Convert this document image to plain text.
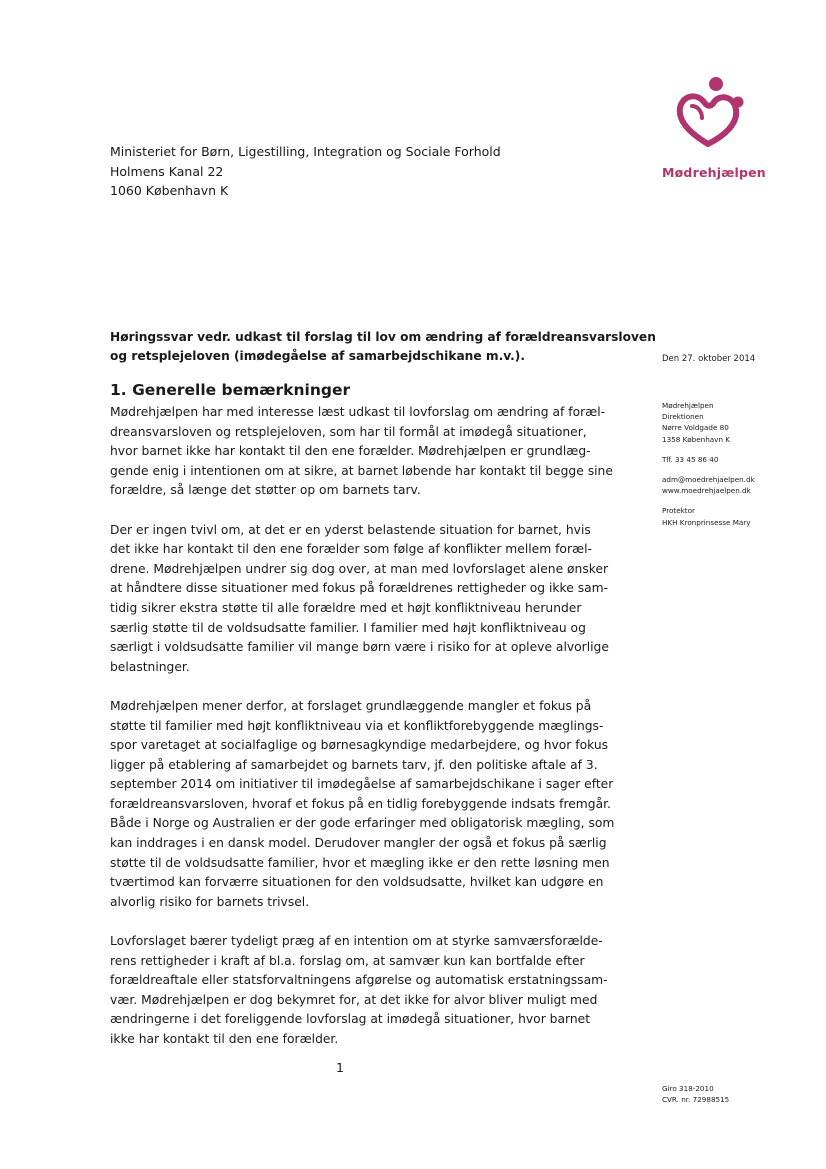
Mødrehjælpen
Ministeriet for Børn, Ligestilling, Integration og Sociale Forhold
Holmens Kanal 22
1060 København K
Høringssvar vedr. udkast til forslag til lov om ændring af forældreansvarsloven
og retsplejeloven (imødegåelse af samarbejdschikane m.v.).	Den 27. oktober 2014
Mødrehjælpen
Direktionen
Nørre Voldgade 80
1358 København K
Tlf. 33 45 86 40
adm@moedrehjaelpen.dk
www.moedrehjaelpen.dk
Protektor
HKH Kronprinsesse Mary
1. Generelle bemærkninger
Mødrehjælpen har med interesse læst udkast til lovforslag om ændring af foræl-
dreansvarsloven og retsplejeloven, som har til formål at imødegå situationer,
hvor barnet ikke har kontakt til den ene forælder. Mødrehjælpen er grundlæg-
gende enig i intentionen om at sikre, at barnet løbende har kontakt til begge sine
forældre, så længe det støtter op om barnets tarv.
Der er ingen tvivl om, at det er en yderst belastende situation for barnet, hvis
det ikke har kontakt til den ene forælder som følge af konflikter mellem foræl-
drene. Mødrehjælpen undrer sig dog over, at man med lovforslaget alene ønsker
at håndtere disse situationer med fokus på forældrenes rettigheder og ikke sam-
tidig sikrer ekstra støtte til alle forældre med et højt konfliktniveau herunder
særlig støtte til de voldsudsatte familier. I familier med højt konfliktniveau og
særligt i voldsudsatte familier vil mange børn være i risiko for at opleve alvorlige
belastninger.
Mødrehjælpen mener derfor, at forslaget grundlæggende mangler et fokus på
støtte til familier med højt konfliktniveau via et konfliktforebyggende mæglings-
spor varetaget at socialfaglige og børnesagkyndige medarbejdere, og hvor fokus
ligger på etablering af samarbejdet og barnets tarv, jf. den politiske aftale af 3.
september 2014 om initiativer til imødegåelse af samarbejdschikane i sager efter
forældreansvarsloven, hvoraf et fokus på en tidlig forebyggende indsats fremgår.
Både i Norge og Australien er der gode erfaringer med obligatorisk mægling, som
kan inddrages i en dansk model. Derudover mangler der også et fokus på særlig
støtte til de voldsudsatte familier, hvor et mægling ikke er den rette løsning men
tværtimod kan forværre situationen for den voldsudsatte, hvilket kan udgøre en
alvorlig risiko for barnets trivsel.
Lovforslaget bærer tydeligt præg af en intention om at styrke samværsforælde-
rens rettigheder i kraft af bl.a. forslag om, at samvær kun kan bortfalde efter
forældreaftale eller statsforvaltningens afgørelse og automatisk erstatningssam-
vær. Mødrehjælpen er dog bekymret for, at det ikke for alvor bliver muligt med
ændringerne i det foreliggende lovforslag at imødegå situationer, hvor barnet
ikke har kontakt til den ene forælder.
1
Giro 318-2010
CVR. nr. 72988515
